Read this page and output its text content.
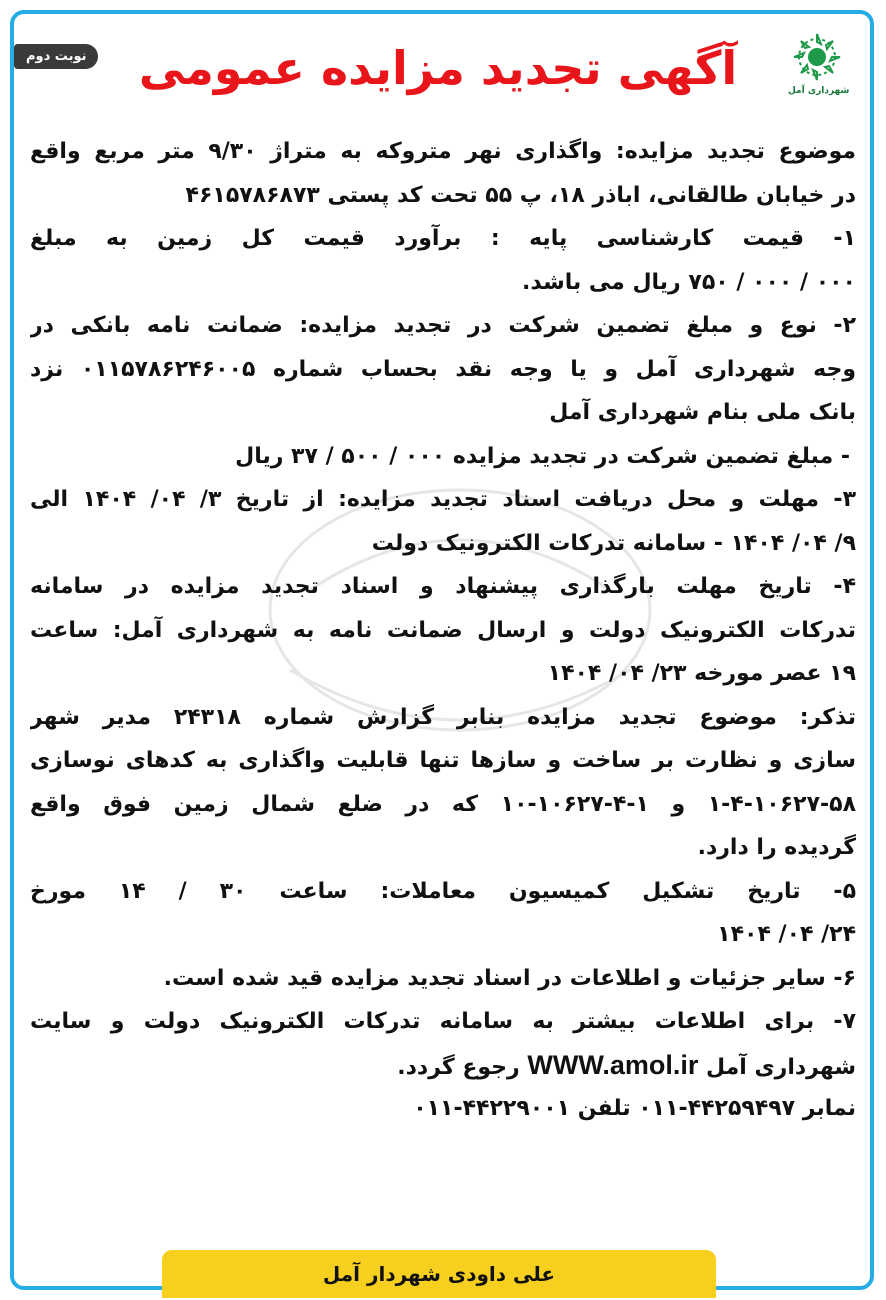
نوبت دوم آگهی تجدید مزایده عمومی	شهرداری آمل
موضوع تجدید مزایده: واگذاری نهر متروکه به متراژ ۹/۳۰ متر مربع واقع
در خیابان طالقانی، اباذر ۱۸، پ ۵۵ تحت کد پستی ۴۶۱۵۷۸۶۸۷۳
۱- قیمت کارشناسی پایه : برآورد قیمت کل زمین به مبلغ
۰۰۰ / ۰۰۰ / ۷۵۰ ریال می باشد.
۲- نوع و مبلغ تضمین شرکت در تجدید مزایده: ضمانت نامه بانکی در
وجه شهرداری آمل و یا وجه نقد بحساب شماره ۰۱۱۵۷۸۶۲۴۶۰۰۵ نزد
بانک ملی بنام شهرداری آمل
- مبلغ تضمین شرکت در تجدید مزایده ۰۰۰ / ۵۰۰ / ۳۷ ریال
۳- مهلت و محل دریافت اسناد تجدید مزایده: از تاریخ ۳/ ۰۴/ ۱۴۰۴ الی
۹/ ۰۴/ ۱۴۰۴ - سامانه تدرکات الکترونیک دولت
۴- تاریخ مهلت بارگذاری پیشنهاد و اسناد تجدید مزایده در سامانه
تدرکات الکترونیک دولت و ارسال ضمانت نامه به شهرداری آمل: ساعت
۱۹ عصر مورخه ۲۳/ ۰۴/ ۱۴۰۴
تذکر: موضوع تجدید مزایده بنابر گزارش شماره ۲۴۳۱۸ مدیر شهر
سازی و نظارت بر ساخت و سازها تنها قابلیت واگذاری به کدهای نوسازی
۱-۴-۱۰۶۲۷-۵۸ و ۱-۴-۱۰۶۲۷-۱۰ که در ضلع شمال زمین فوق واقع
گردیده را دارد.
۵- تاریخ تشکیل کمیسیون معاملات: ساعت ۳۰ / ۱۴ مورخ
۲۴/ ۰۴/ ۱۴۰۴
۶- سایر جزئیات و اطلاعات در اسناد تجدید مزایده قید شده است.
۷- برای اطلاعات بیشتر به سامانه تدرکات الکترونیک دولت و سایت
شهرداری آمل WWW.amol.ir رجوع گردد.
نمابر ۴۴۲۵۹۴۹۷-۰۱۱ تلفن ۴۴۲۲۹۰۰۱-۰۱۱
علی داودی شهردار آمل
